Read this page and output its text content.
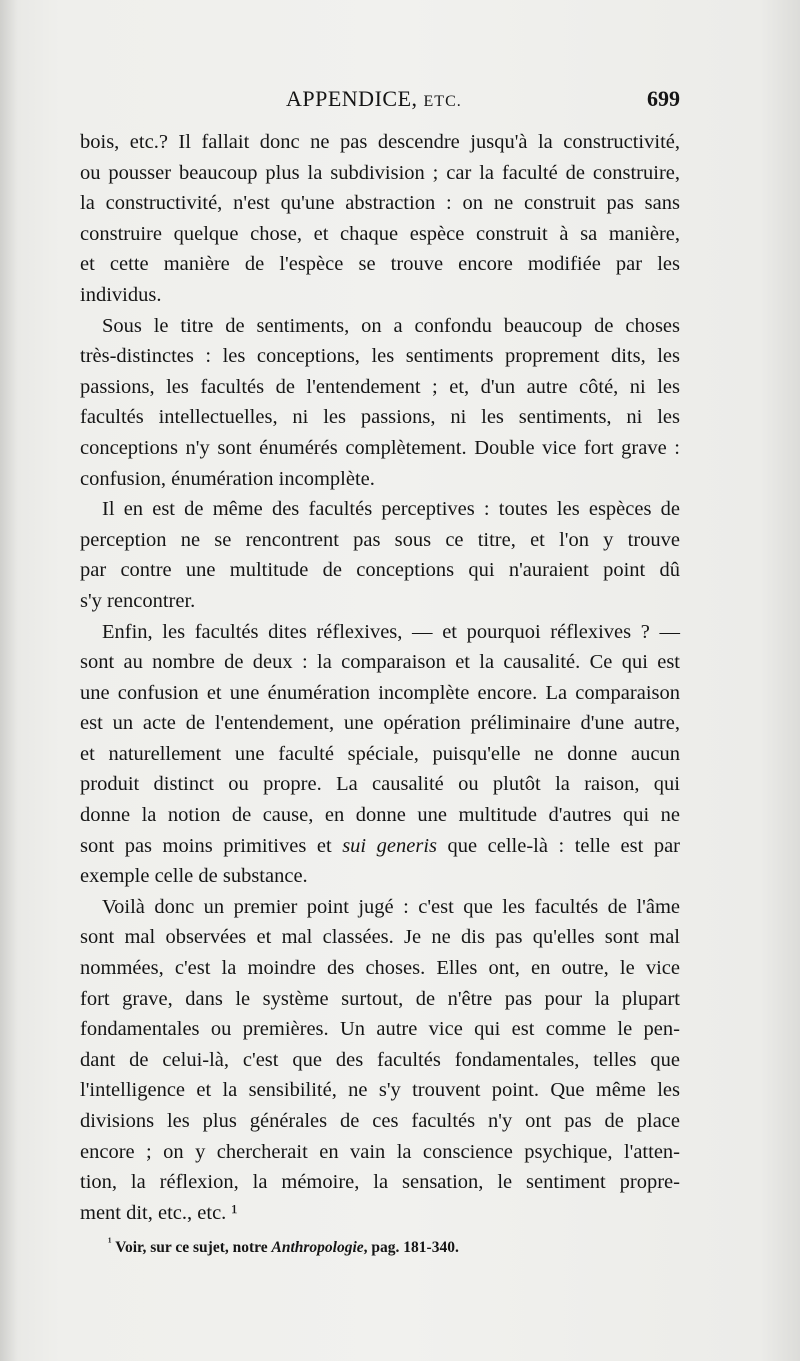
APPENDICE, ETC.	699
bois, etc.? Il fallait donc ne pas descendre jusqu'à la constructivité,
ou pousser beaucoup plus la subdivision ; car la faculté de construire,
la constructivité, n'est qu'une abstraction : on ne construit pas sans
construire quelque chose, et chaque espèce construit à sa manière,
et cette manière de l'espèce se trouve encore modifiée par les
individus.
Sous le titre de sentiments, on a confondu beaucoup de choses
très-distinctes : les conceptions, les sentiments proprement dits, les
passions, les facultés de l'entendement ; et, d'un autre côté, ni les
facultés intellectuelles, ni les passions, ni les sentiments, ni les
conceptions n'y sont énumérés complètement. Double vice fort grave :
confusion, énumération incomplète.
Il en est de même des facultés perceptives : toutes les espèces de
perception ne se rencontrent pas sous ce titre, et l'on y trouve
par contre une multitude de conceptions qui n'auraient point dû
s'y rencontrer.
Enfin, les facultés dites réflexives, — et pourquoi réflexives ? —
sont au nombre de deux : la comparaison et la causalité. Ce qui est
une confusion et une énumération incomplète encore. La comparaison
est un acte de l'entendement, une opération préliminaire d'une autre,
et naturellement une faculté spéciale, puisqu'elle ne donne aucun
produit distinct ou propre. La causalité ou plutôt la raison, qui
donne la notion de cause, en donne une multitude d'autres qui ne
sont pas moins primitives et sui generis que celle-là : telle est par
exemple celle de substance.
Voilà donc un premier point jugé : c'est que les facultés de l'âme
sont mal observées et mal classées. Je ne dis pas qu'elles sont mal
nommées, c'est la moindre des choses. Elles ont, en outre, le vice
fort grave, dans le système surtout, de n'être pas pour la plupart
fondamentales ou premières. Un autre vice qui est comme le pen-
dant de celui-là, c'est que des facultés fondamentales, telles que
l'intelligence et la sensibilité, ne s'y trouvent point. Que même les
divisions les plus générales de ces facultés n'y ont pas de place
encore ; on y chercherait en vain la conscience psychique, l'atten-
tion, la réflexion, la mémoire, la sensation, le sentiment propre-
ment dit, etc., etc. ¹
$^{^1}$ Voir, sur ce sujet, notre Anthropologie, pag. 181-340.
